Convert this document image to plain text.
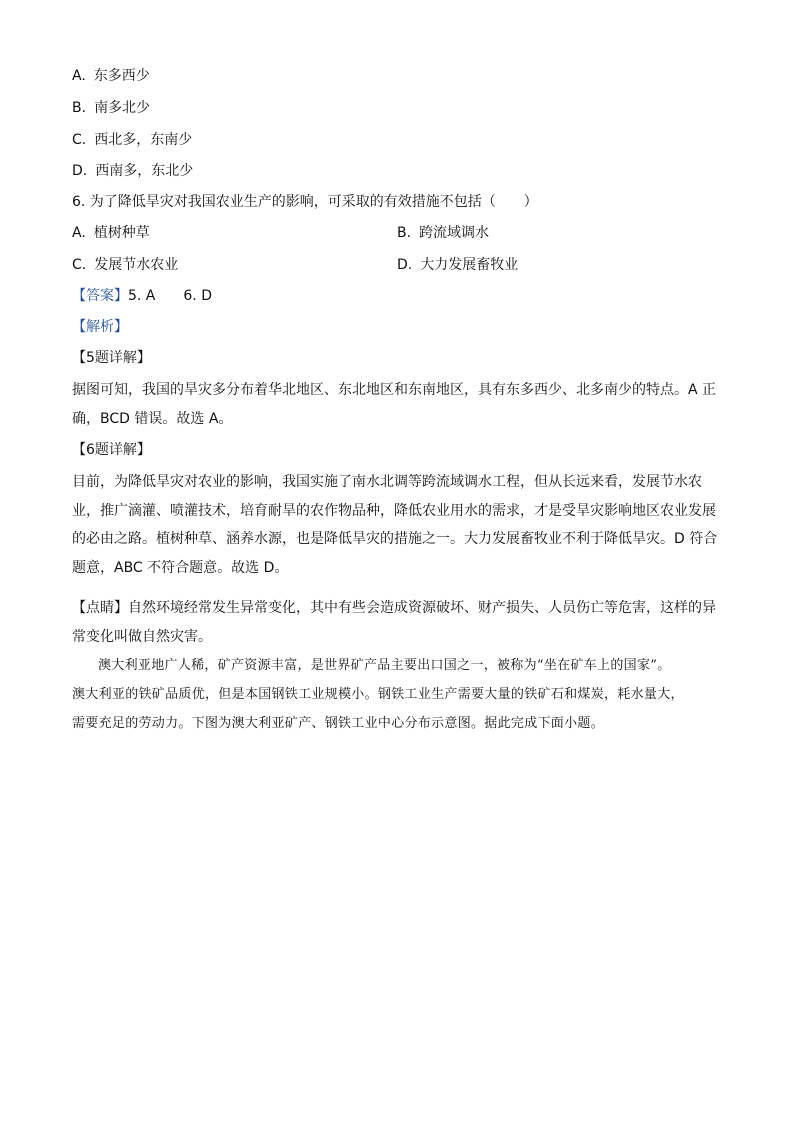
A. 东多西少
B. 南多北少
C. 西北多，东南少
D. 西南多，东北少
6. 为了降低旱灾对我国农业生产的影响，可采取的有效措施不包括（　　）
A. 植树种草	B. 跨流域调水
C. 发展节水农业	D. 大力发展畜牧业
【答案】5. A　　6. D
【解析】
【5题详解】
据图可知，我国的旱灾多分布着华北地区、东北地区和东南地区，具有东多西少、北多南少的特点。A 正
确，BCD 错误。故选 A。
【6题详解】
目前，为降低旱灾对农业的影响，我国实施了南水北调等跨流域调水工程，但从长远来看，发展节水农
业，推广滴灌、喷灌技术，培育耐旱的农作物品种，降低农业用水的需求，才是受旱灾影响地区农业发展
的必由之路。植树种草、涵养水源，也是降低旱灾的措施之一。大力发展畜牧业不利于降低旱灾。D 符合
题意，ABC 不符合题意。故选 D。
【点睛】自然环境经常发生异常变化，其中有些会造成资源破坏、财产损失、人员伤亡等危害，这样的异
常变化叫做自然灾害。
澳大利亚地广人稀，矿产资源丰富，是世界矿产品主要出口国之一，被称为“坐在矿车上的国家”。
澳大利亚的铁矿品质优，但是本国钢铁工业规模小。钢铁工业生产需要大量的铁矿石和煤炭，耗水量大，
需要充足的劳动力。下图为澳大利亚矿产、钢铁工业中心分布示意图。据此完成下面小题。
